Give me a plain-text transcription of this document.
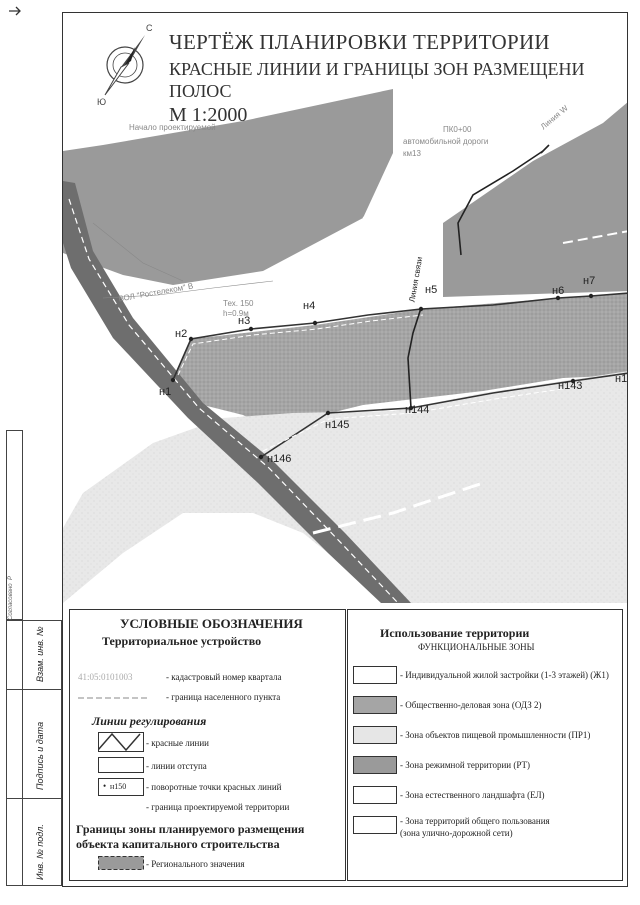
Взам. инв. №
Подпись и дата
Инв. № подл.
Согласовано
Р
С
Ю
ЧЕРТЁЖ ПЛАНИРОВКИ ТЕРРИТОРИИ
КРАСНЫЕ ЛИНИИ И ГРАНИЦЫ ЗОН РАЗМЕЩЕНИ
ПОЛОС
М 1:2000
Начало проектируемой	ПК0+00
автомобильной дороги
км13
ВОЛ "Ростелеком" В	Тех. 150
h=0.9м
Линия W
Линия связи
н1
н2
н3
н4
н5	н6
н7
н143
н1
н144
н145
н146
УСЛОВНЫЕ ОБОЗНАЧЕНИЯ
Территориальное устройство
41:05:0101003	- кадастровый номер квартала
- граница населенного пункта
Линии регулирования
- красные линии
- линии отступа
н150
•	- поворотные точки красных линий
- граница проектируемой территории
Границы зоны планируемого размещения
объекта капитального строительства
- Регионального значения
Использование территории
ФУНКЦИОНАЛЬНЫЕ ЗОНЫ
- Индивидуальной жилой застройки (1-3 этажей) (Ж1)
- Общественно-деловая зона (ОДЗ 2)
- Зона объектов пищевой промышленности (ПР1)
- Зона режимной территории (РТ)
- Зона естественного ландшафта (ЕЛ)
- Зона территорий общего пользования
(зона улично-дорожной сети)
